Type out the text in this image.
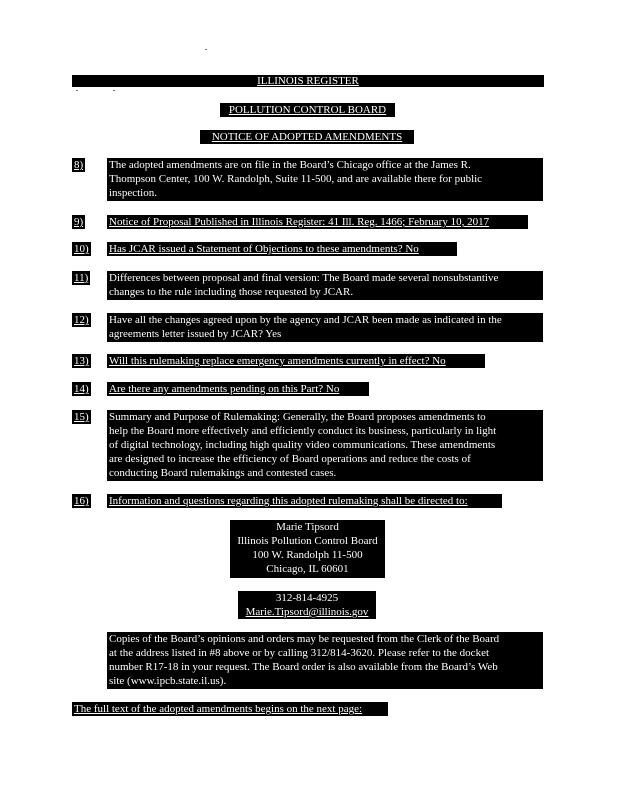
ILLINOIS REGISTER
POLLUTION CONTROL BOARD
NOTICE OF ADOPTED AMENDMENTS
8) The adopted amendments are on file in the Board’s Chicago office at the James R.
Thompson Center, 100 W. Randolph, Suite 11-500, and are available there for public
inspection.
9) Notice of Proposal Published in Illinois Register: 41 Ill. Reg. 1466; February 10, 2017
10) Has JCAR issued a Statement of Objections to these amendments? No
11) Differences between proposal and final version: The Board made several nonsubstantive
changes to the rule including those requested by JCAR.
12) Have all the changes agreed upon by the agency and JCAR been made as indicated in the
agreements letter issued by JCAR? Yes
13) Will this rulemaking replace emergency amendments currently in effect? No
14) Are there any amendments pending on this Part? No
15) Summary and Purpose of Rulemaking: Generally, the Board proposes amendments to
help the Board more effectively and efficiently conduct its business, particularly in light
of digital technology, including high quality video communications. These amendments
are designed to increase the efficiency of Board operations and reduce the costs of
conducting Board rulemakings and contested cases.
16) Information and questions regarding this adopted rulemaking shall be directed to:
Marie Tipsord
Illinois Pollution Control Board
100 W. Randolph 11-500
Chicago, IL 60601
312-814-4925
Marie.Tipsord@illinois.gov
Copies of the Board’s opinions and orders may be requested from the Clerk of the Board
at the address listed in #8 above or by calling 312/814-3620. Please refer to the docket
number R17-18 in your request. The Board order is also available from the Board’s Web
site (www.ipcb.state.il.us).
The full text of the adopted amendments begins on the next page:
